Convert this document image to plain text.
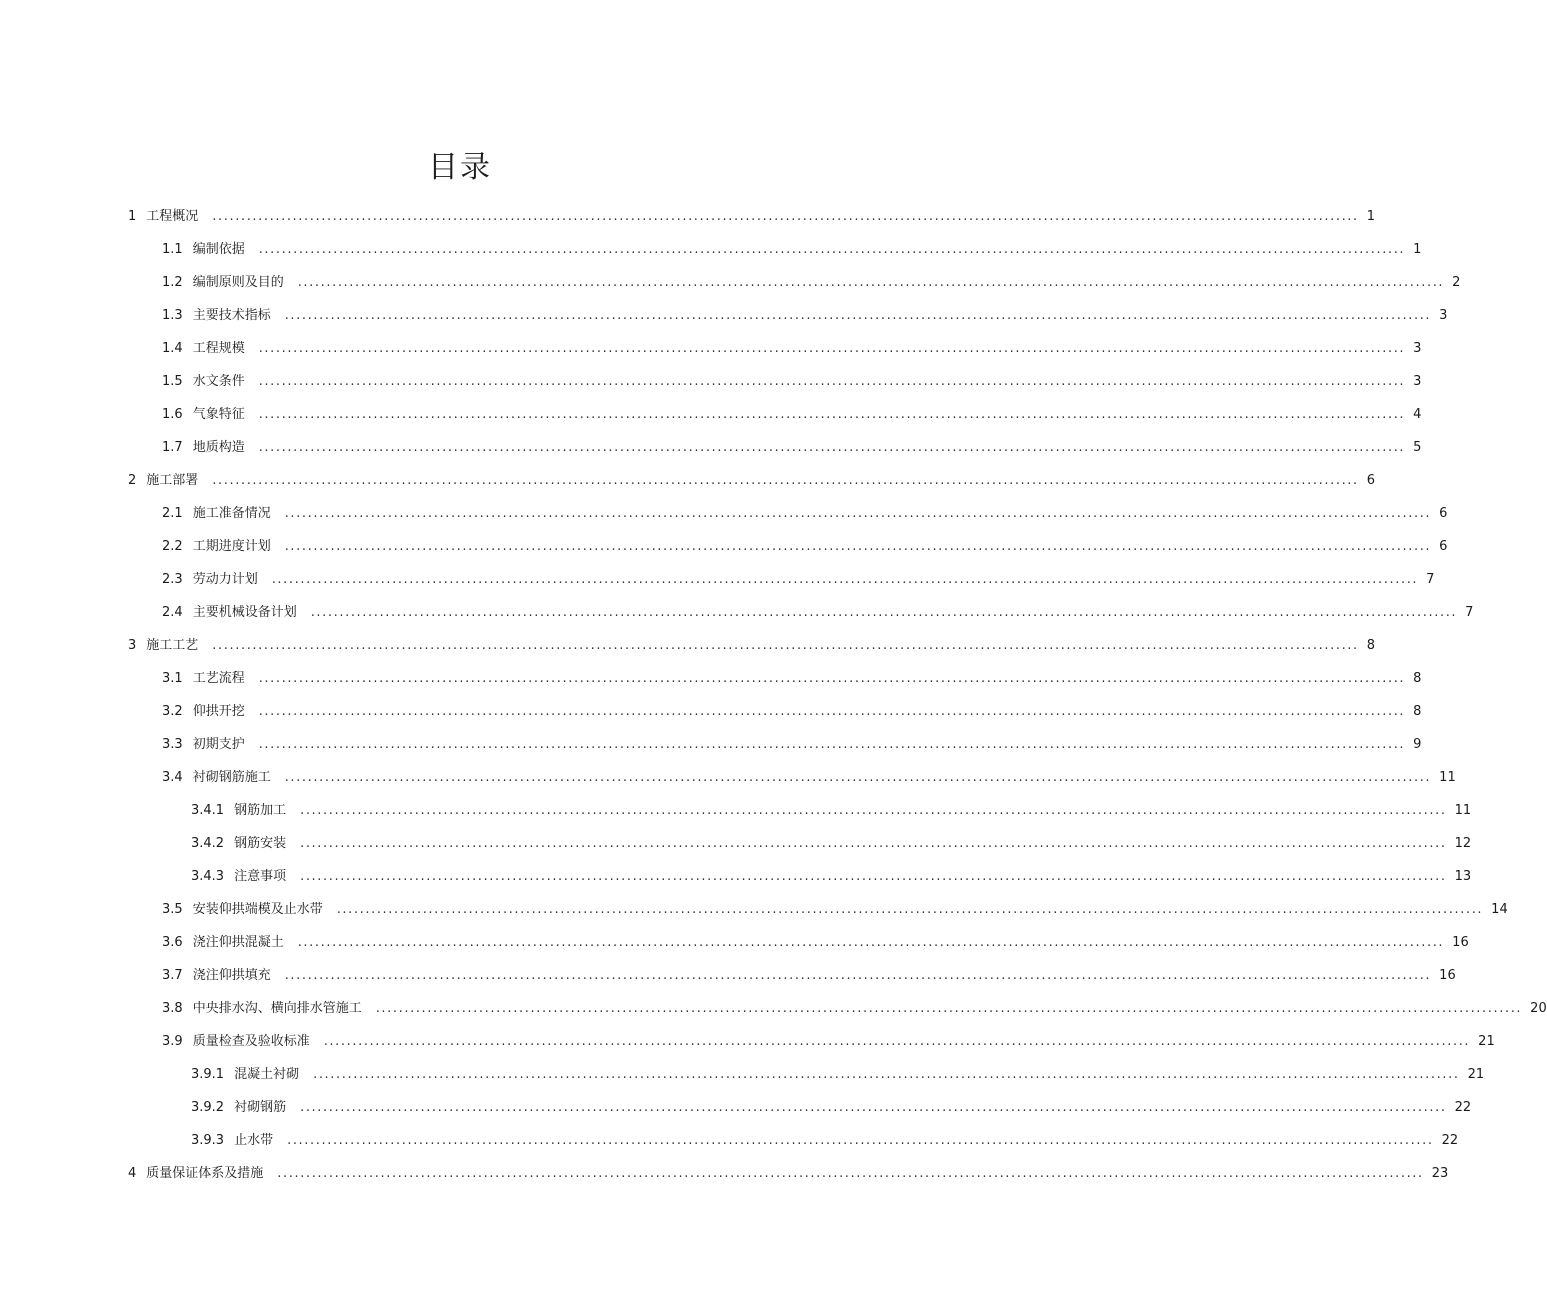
目录
1 工程概况 ........................................................................................................................................................................................................ 1
1.1 编制依据 ........................................................................................................................................................................................................ 1
1.2 编制原则及目的 ........................................................................................................................................................................................................ 2
1.3 主要技术指标 ........................................................................................................................................................................................................ 3
1.4 工程规模 ........................................................................................................................................................................................................ 3
1.5 水文条件 ........................................................................................................................................................................................................ 3
1.6 气象特征 ........................................................................................................................................................................................................ 4
1.7 地质构造 ........................................................................................................................................................................................................ 5
2 施工部署 ........................................................................................................................................................................................................ 6
2.1 施工准备情况 ........................................................................................................................................................................................................ 6
2.2 工期进度计划 ........................................................................................................................................................................................................ 6
2.3 劳动力计划 ........................................................................................................................................................................................................ 7
2.4 主要机械设备计划 ........................................................................................................................................................................................................ 7
3 施工工艺 ........................................................................................................................................................................................................ 8
3.1 工艺流程 ........................................................................................................................................................................................................ 8
3.2 仰拱开挖 ........................................................................................................................................................................................................ 8
3.3 初期支护 ........................................................................................................................................................................................................ 9
3.4 衬砌钢筋施工 ........................................................................................................................................................................................................ 11
3.4.1 钢筋加工 ........................................................................................................................................................................................................ 11
3.4.2 钢筋安装 ........................................................................................................................................................................................................ 12
3.4.3 注意事项 ........................................................................................................................................................................................................ 13
3.5 安装仰拱端模及止水带 ........................................................................................................................................................................................................ 14
3.6 浇注仰拱混凝土 ........................................................................................................................................................................................................ 16
3.7 浇注仰拱填充 ........................................................................................................................................................................................................ 16
3.8 中央排水沟、横向排水管施工 ........................................................................................................................................................................................................ 20
3.9 质量检查及验收标准 ........................................................................................................................................................................................................ 21
3.9.1 混凝土衬砌 ........................................................................................................................................................................................................ 21
3.9.2 衬砌钢筋 ........................................................................................................................................................................................................ 22
3.9.3 止水带 ........................................................................................................................................................................................................ 22
4 质量保证体系及措施 ........................................................................................................................................................................................................ 23
